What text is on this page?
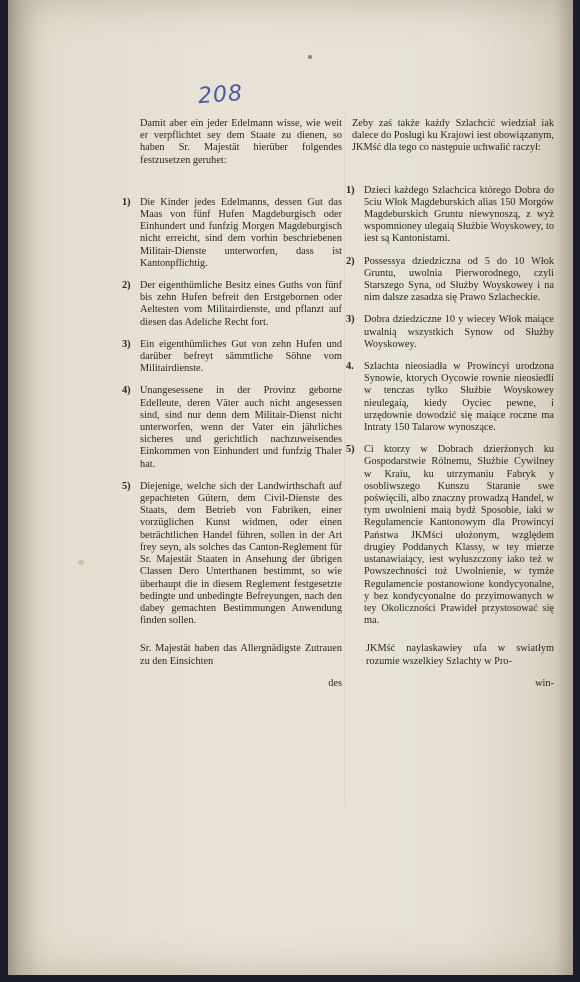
208

Damit aber ein jeder Edelmann wisse, wie weit er verpflichtet sey dem Staate zu dienen, so haben Sr. Majestät hierüber folgendes festzusetzen geruhet:

1) Die Kinder jedes Edelmanns, dessen Gut das Maas von fünf Hufen Magdeburgisch oder Einhundert und funfzig Morgen Magdeburgisch nicht erreicht, sind dem vorhin beschriebenen Militair-Dienste unterworfen, dass ist Kantonpflichtig.
2) Der eigenthümliche Besitz eines Guths von fünf bis zehn Hufen befreit den Erstgebornen oder Aeltesten vom Militairdienste, und pflanzt auf diesen das Adeliche Recht fort.
3) Ein eigenthümliches Gut von zehn Hufen und darüber befreyt sämmtliche Söhne vom Militairdienste.
4) Unangesessene in der Provinz geborne Edelleute, deren Väter auch nicht angesessen sind, sind nur denn dem Militair-Dienst nicht unterworfen, wenn der Vater ein jährliches sicheres und gerichtlich nachzuweisendes Einkommen von Einhundert und funfzig Thaler hat.
5) Diejenige, welche sich der Landwirthschaft auf gepachteten Gütern, dem Civil-Dienste des Staats, dem Betrieb von Fabriken, einer vorzüglichen Kunst widmen, oder einen beträchtlichen Handel führen, sollen in der Art frey seyn, als solches das Canton-Reglement für Sr. Majestät Staaten in Ansehung der übrigen Classen Dero Unterthanen bestimmt, so wie überhaupt die in diesem Reglement festgesetzte bedingte und unbedingte Befreyungen, nach den dabey gemachten Bestimmungen Anwendung finden sollen.

Sr. Majestät haben das Allergnädigste Zutrauen zu den Einsichten

des

Zeby zaś także każdy Szlachcić wiedział iak dalece do Posługi ku Krajowi iest obowiązanym, JKMść dla tego co następuie uchwalić raczył:

1) Dzieci każdego Szlachcica którego Dobra do 5ciu Włok Magdeburskich alias 150 Morgów Magdeburskich Gruntu niewynoszą, z wyż wspomnioney ulegaią Służbie Woyskowey, to iest są Kantonistami.
2) Possessya dziedziczna od 5 do 10 Włok Gruntu, uwolnia Pierworodnego, czyli Starszego Syna, od Służby Woyskowey i na nim dalsze zasadza się Prawo Szlacheckie.
3) Dobra dziedziczne 10 y wiecey Włok maiące uwalnią wszystkich Synow od Służby Woyskowey.
4. Szlachta nieosiadła w Prowincyi urodzona Synowie, ktorych Oycowie rownie nieosiedli w tenczas tylko Służbie Woyskowey nieulegaią, kiedy Oyciec pewne, i urzędownie dowodzić się maiące roczne ma Intraty 150 Talarow wynoszące.
5) Ci ktorzy w Dobrach dzierżonych ku Gospodarstwie Rólnemu, Służbie Cywilney w Kraiu, ku utrzymaniu Fabryk y osobliwszego Kunszu Staranie swe poświęcili, albo znaczny prowadzą Handel, w tym uwolnieni maią bydź Sposobie, iaki w Regulamencie Kantonowym dla Prowincyi Państwa JKMści ułożonym, względem drugiey Poddanych Klassy, w tey mierze ustanawiaiący, iest wyłuszczony iako też w Powszechności toż Uwolnienie, w tymże Regulamencie postanowione kondycyonalne, y bez kondycyonalne do przyimowanych w tey Okoliczności Prawideł przystosować się ma.

JKMść naylaskawiey ufa w swiatłym rozumie wszelkiey Szlachty w Pro-

win-
